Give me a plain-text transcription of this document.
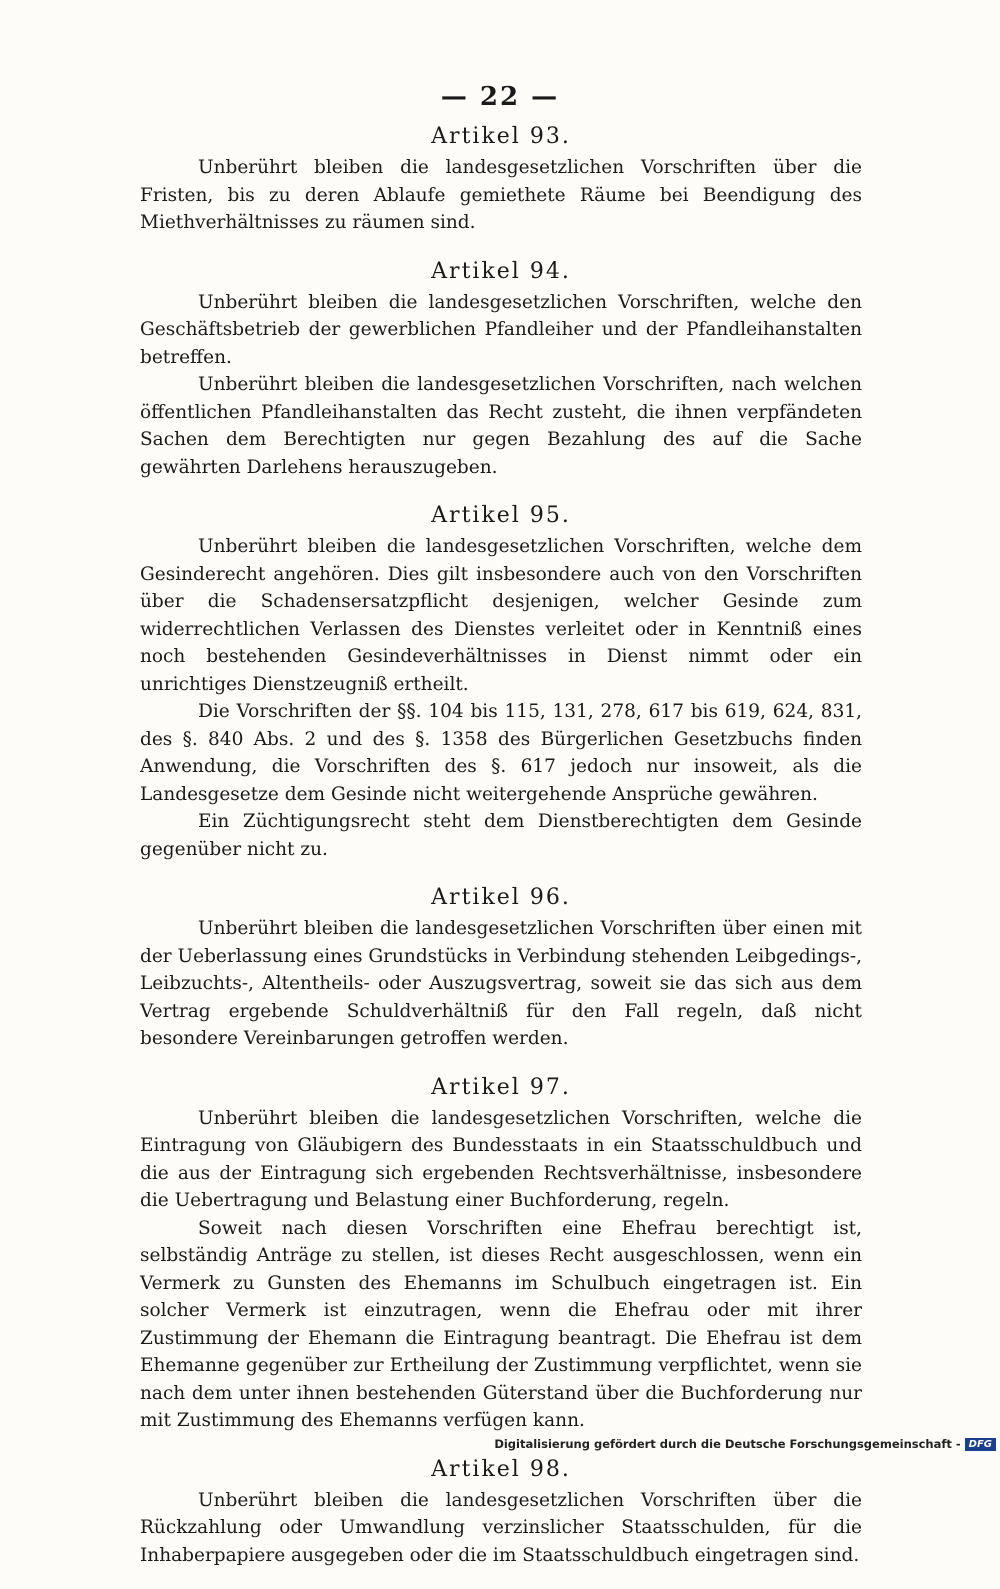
— 22 —
Artikel 93.

Unberührt bleiben die landesgesetzlichen Vorschriften über die Fristen, bis zu deren Ablaufe gemiethete Räume bei Beendigung des Miethverhältnisses zu räumen sind.

Artikel 94.

Unberührt bleiben die landesgesetzlichen Vorschriften, welche den Geschäftsbetrieb der gewerblichen Pfandleiher und der Pfandleihanstalten betreffen.

Unberührt bleiben die landesgesetzlichen Vorschriften, nach welchen öffentlichen Pfandleihanstalten das Recht zusteht, die ihnen verpfändeten Sachen dem Berechtigten nur gegen Bezahlung des auf die Sache gewährten Darlehens herauszugeben.

Artikel 95.

Unberührt bleiben die landesgesetzlichen Vorschriften, welche dem Gesinderecht angehören. Dies gilt insbesondere auch von den Vorschriften über die Schadensersatzpflicht desjenigen, welcher Gesinde zum widerrechtlichen Verlassen des Dienstes verleitet oder in Kenntniß eines noch bestehenden Gesindeverhältnisses in Dienst nimmt oder ein unrichtiges Dienstzeugniß ertheilt.

Die Vorschriften der §§. 104 bis 115, 131, 278, 617 bis 619, 624, 831, des §. 840 Abs. 2 und des §. 1358 des Bürgerlichen Gesetzbuchs finden Anwendung, die Vorschriften des §. 617 jedoch nur insoweit, als die Landesgesetze dem Gesinde nicht weitergehende Ansprüche gewähren.

Ein Züchtigungsrecht steht dem Dienstberechtigten dem Gesinde gegenüber nicht zu.

Artikel 96.

Unberührt bleiben die landesgesetzlichen Vorschriften über einen mit der Ueberlassung eines Grundstücks in Verbindung stehenden Leibgedings-, Leibzuchts-, Altentheils- oder Auszugsvertrag, soweit sie das sich aus dem Vertrag ergebende Schuldverhältniß für den Fall regeln, daß nicht besondere Vereinbarungen getroffen werden.

Artikel 97.

Unberührt bleiben die landesgesetzlichen Vorschriften, welche die Eintragung von Gläubigern des Bundesstaats in ein Staatsschuldbuch und die aus der Eintragung sich ergebenden Rechtsverhältnisse, insbesondere die Uebertragung und Belastung einer Buchforderung, regeln.

Soweit nach diesen Vorschriften eine Ehefrau berechtigt ist, selbständig Anträge zu stellen, ist dieses Recht ausgeschlossen, wenn ein Vermerk zu Gunsten des Ehemanns im Schulbuch eingetragen ist. Ein solcher Vermerk ist einzutragen, wenn die Ehefrau oder mit ihrer Zustimmung der Ehemann die Eintragung beantragt. Die Ehefrau ist dem Ehemanne gegenüber zur Ertheilung der Zustimmung verpflichtet, wenn sie nach dem unter ihnen bestehenden Güterstand über die Buchforderung nur mit Zustimmung des Ehemanns verfügen kann.

Artikel 98.

Unberührt bleiben die landesgesetzlichen Vorschriften über die Rückzahlung oder Umwandlung verzinslicher Staatsschulden, für die Inhaberpapiere ausgegeben oder die im Staatsschuldbuch eingetragen sind.

Digitalisierung gefördert durch die Deutsche Forschungsgemeinschaft - DFG
